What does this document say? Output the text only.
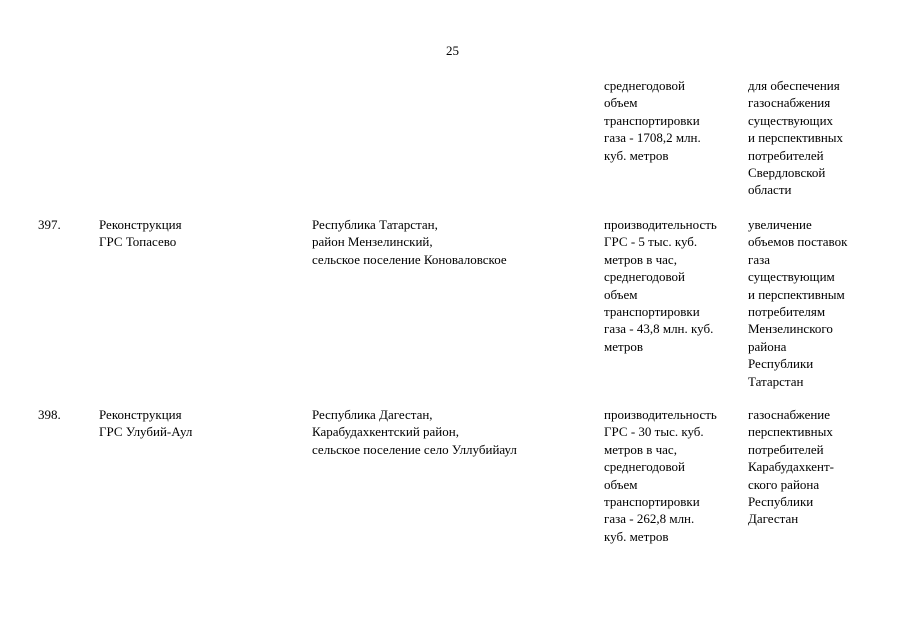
25
среднегодовой
объем
транспортировки
газа - 1708,2 млн.
куб. метров
для обеспечения
газоснабжения
существующих
и перспективных
потребителей
Свердловской
области
397.	Реконструкция
ГРС Топасево
Республика Татарстан,
район Мензелинский,
сельское поселение Коноваловское
производительность
ГРС - 5 тыс. куб.
метров в час,
среднегодовой
объем
транспортировки
газа - 43,8 млн. куб.
метров
увеличение
объемов поставок
газа
существующим
и перспективным
потребителям
Мензелинского
района
Республики
Татарстан
398.	Реконструкция
ГРС Улубий-Аул
Республика Дагестан,
Карабудахкентский район,
сельское поселение село Уллубийаул
производительность
ГРС - 30 тыс. куб.
метров в час,
среднегодовой
объем
транспортировки
газа - 262,8 млн.
куб. метров
газоснабжение
перспективных
потребителей
Карабудахкент-
ского района
Республики
Дагестан
